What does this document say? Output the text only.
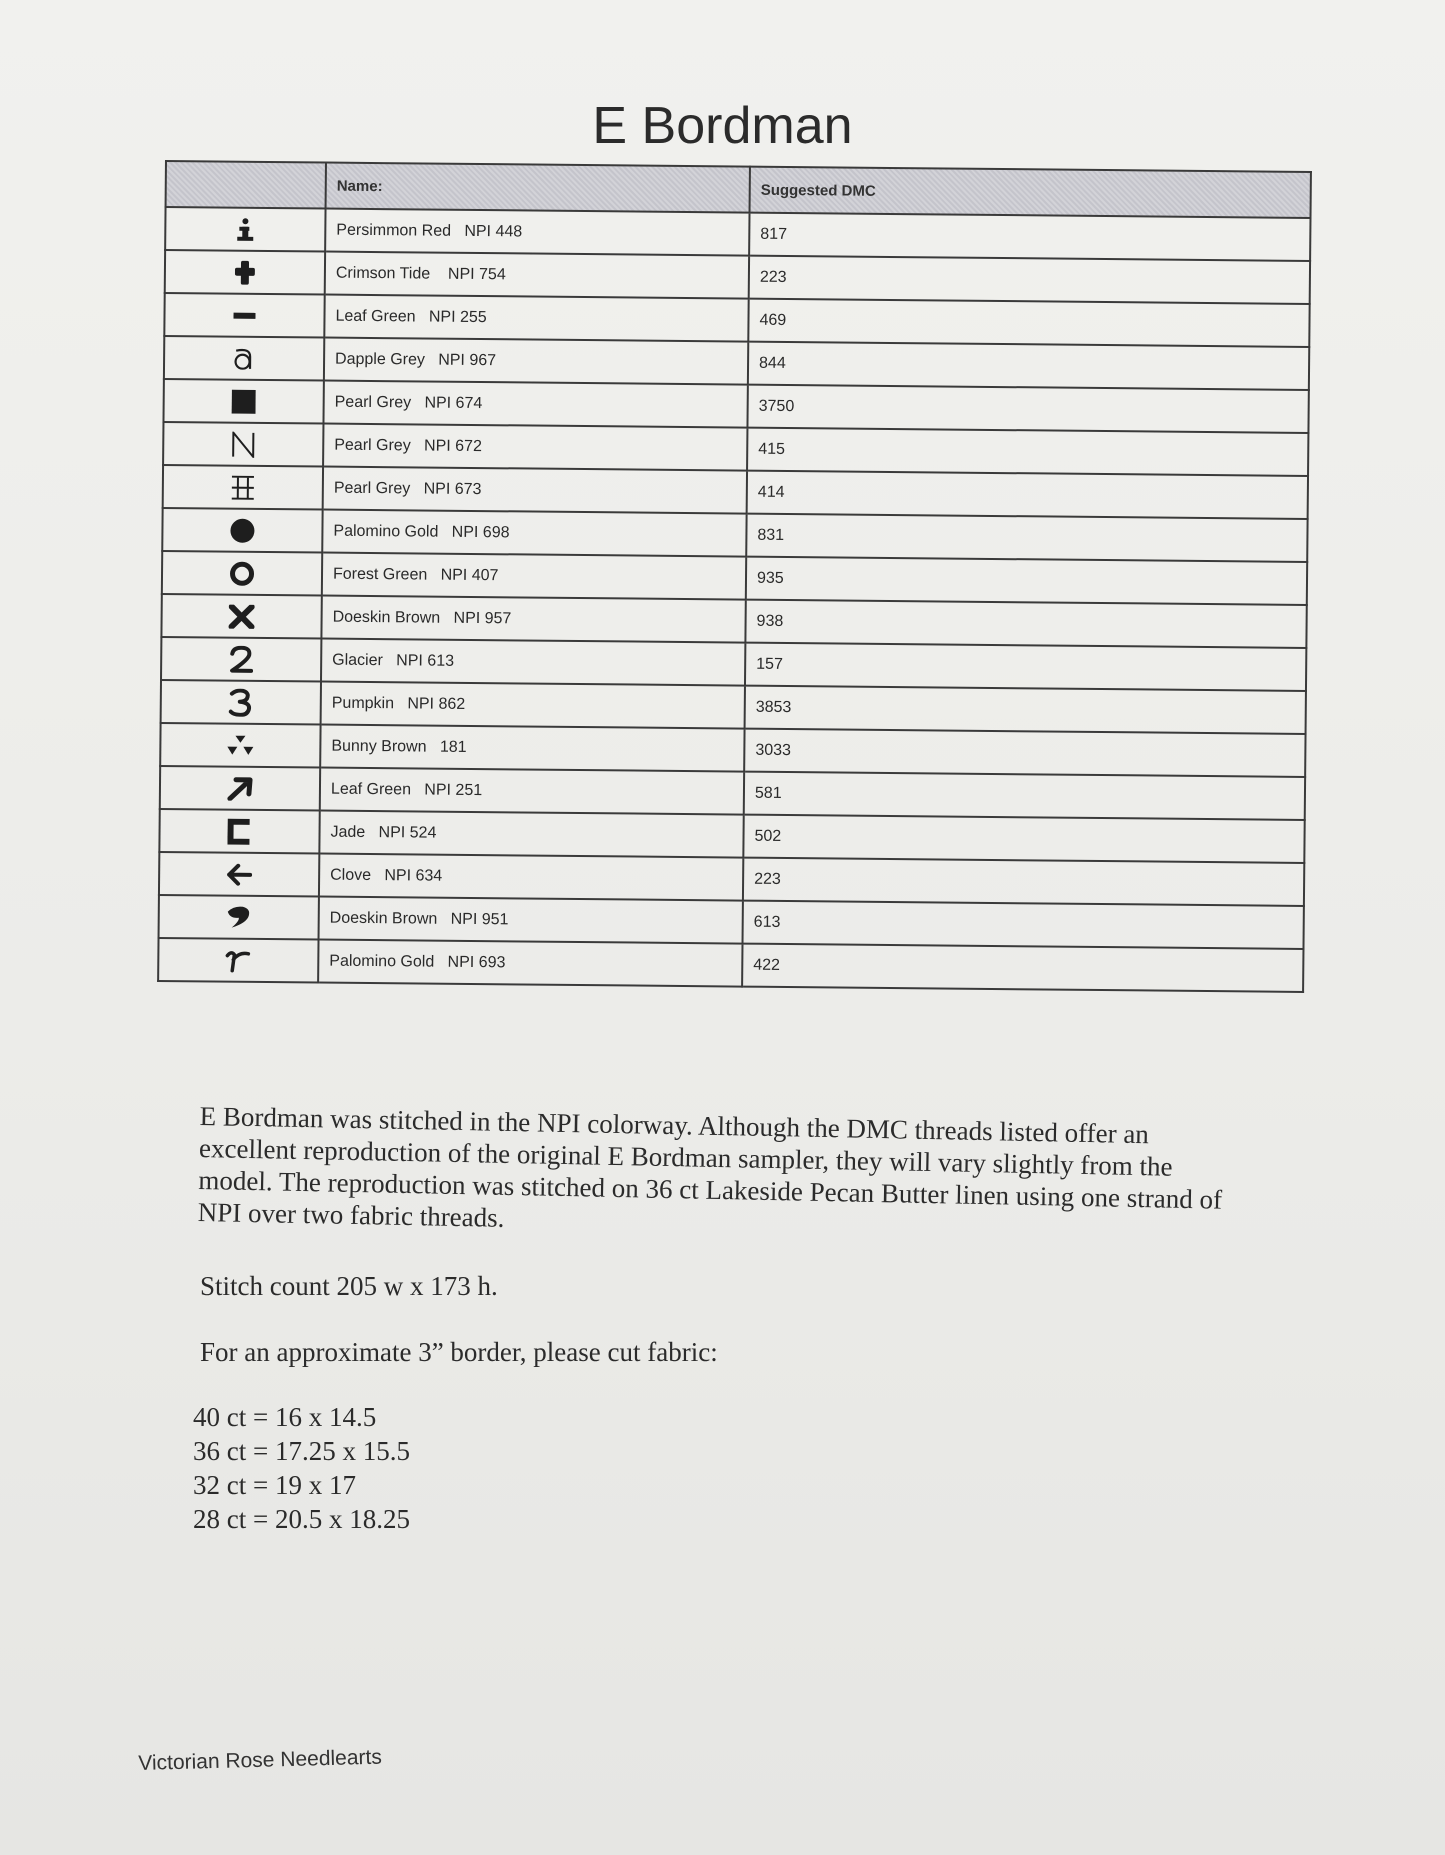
E Bordman
	Name:	Suggested DMC

	Persimmon Red   NPI 448	817

	Crimson Tide    NPI 754	223

	Leaf Green   NPI 255	469

	Dapple Grey   NPI 967	844

	Pearl Grey   NPI 674	3750

	Pearl Grey   NPI 672	415

	Pearl Grey   NPI 673	414

	Palomino Gold   NPI 698	831

	Forest Green   NPI 407	935

	Doeskin Brown   NPI 957	938

	Glacier   NPI 613	157

	Pumpkin   NPI 862	3853

	Bunny Brown   181	3033

	Leaf Green   NPI 251	581

	Jade   NPI 524	502

	Clove   NPI 634	223

	Doeskin Brown   NPI 951	613

	Palomino Gold   NPI 693	422
E Bordman was stitched in the NPI colorway. Although the DMC threads listed offer an excellent reproduction of the original E Bordman sampler, they will vary slightly from the model. The reproduction was stitched on 36 ct Lakeside Pecan Butter linen using one strand of NPI over two fabric threads.
Stitch count 205 w x 173 h.
For an approximate 3” border, please cut fabric:
40 ct = 16 x 14.5
36 ct = 17.25 x 15.5
32 ct = 19 x 17
28 ct = 20.5 x 18.25
Victorian Rose Needlearts
